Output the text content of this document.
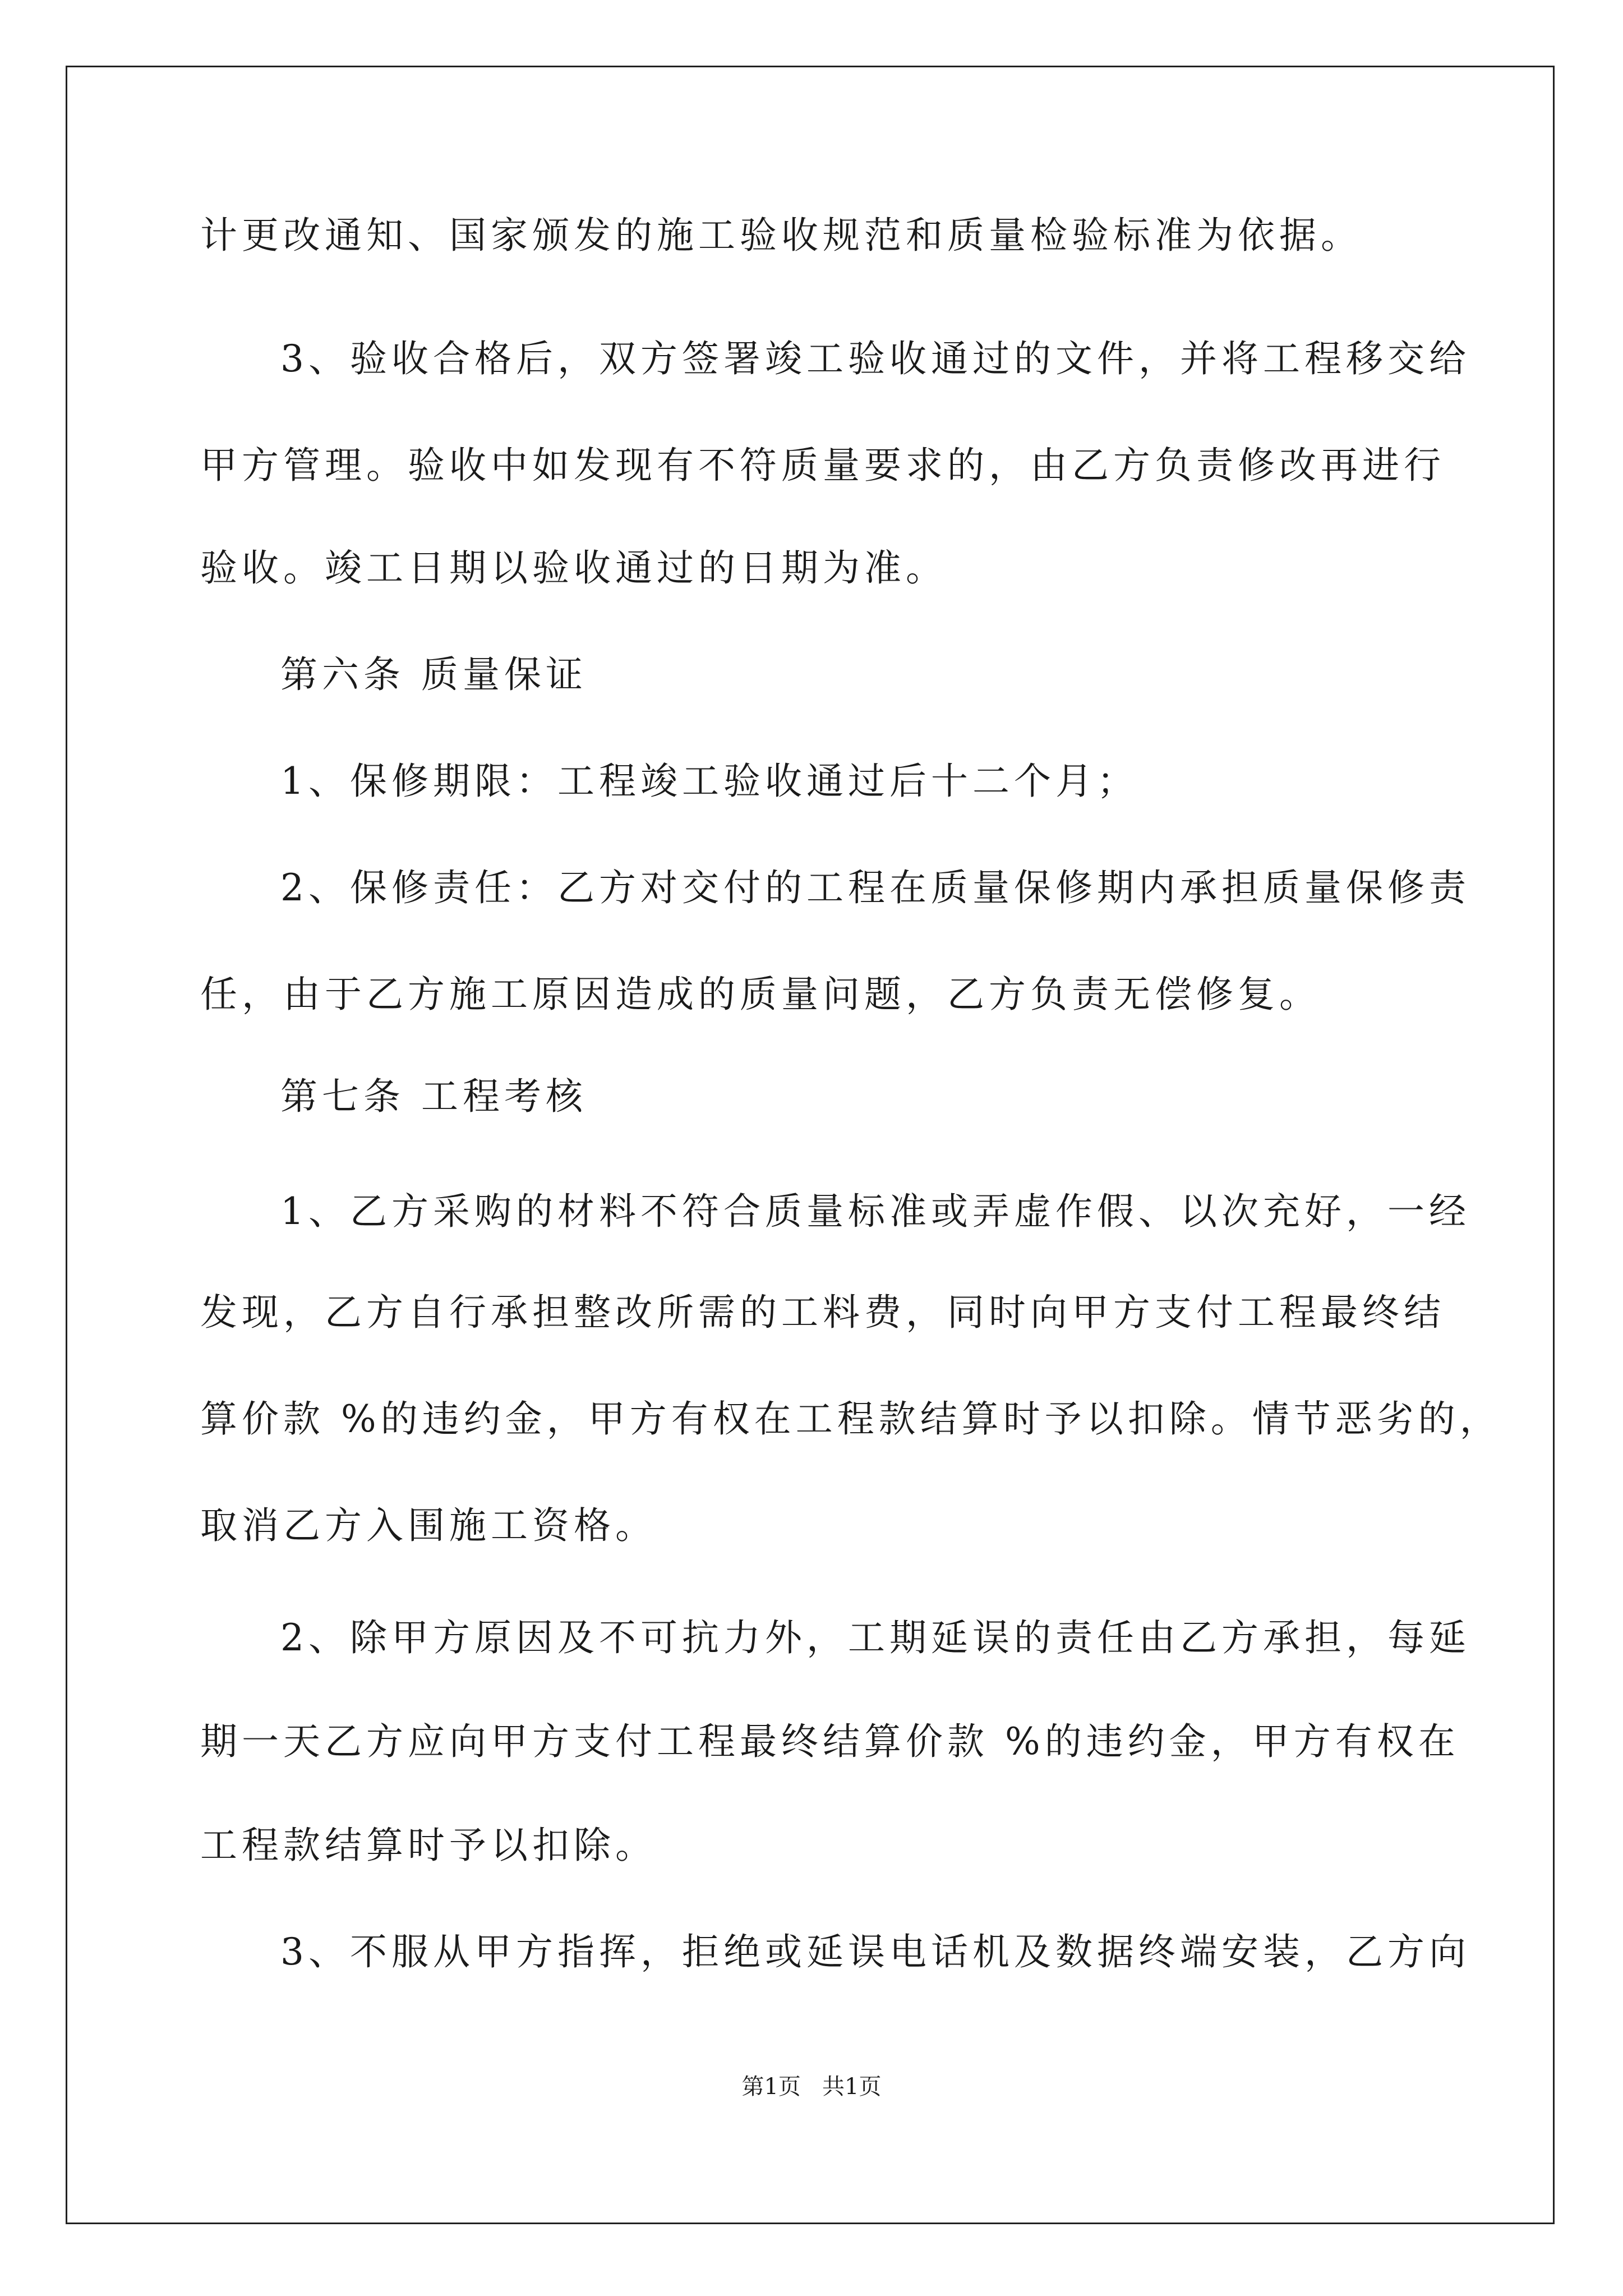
计更改通知、国家颁发的施工验收规范和质量检验标准为依据。
3、验收合格后，双方签署竣工验收通过的文件，并将工程移交给
甲方管理。验收中如发现有不符质量要求的，由乙方负责修改再进行
验收。竣工日期以验收通过的日期为准。
第六条 质量保证
1、保修期限：工程竣工验收通过后十二个月；
2、保修责任：乙方对交付的工程在质量保修期内承担质量保修责
任，由于乙方施工原因造成的质量问题，乙方负责无偿修复。
第七条 工程考核
1、乙方采购的材料不符合质量标准或弄虚作假、以次充好，一经
发现，乙方自行承担整改所需的工料费，同时向甲方支付工程最终结
算价款 %的违约金，甲方有权在工程款结算时予以扣除。情节恶劣的，
取消乙方入围施工资格。
2、除甲方原因及不可抗力外，工期延误的责任由乙方承担，每延
期一天乙方应向甲方支付工程最终结算价款 %的违约金，甲方有权在
工程款结算时予以扣除。
3、不服从甲方指挥，拒绝或延误电话机及数据终端安装，乙方向
第1页   共1页
